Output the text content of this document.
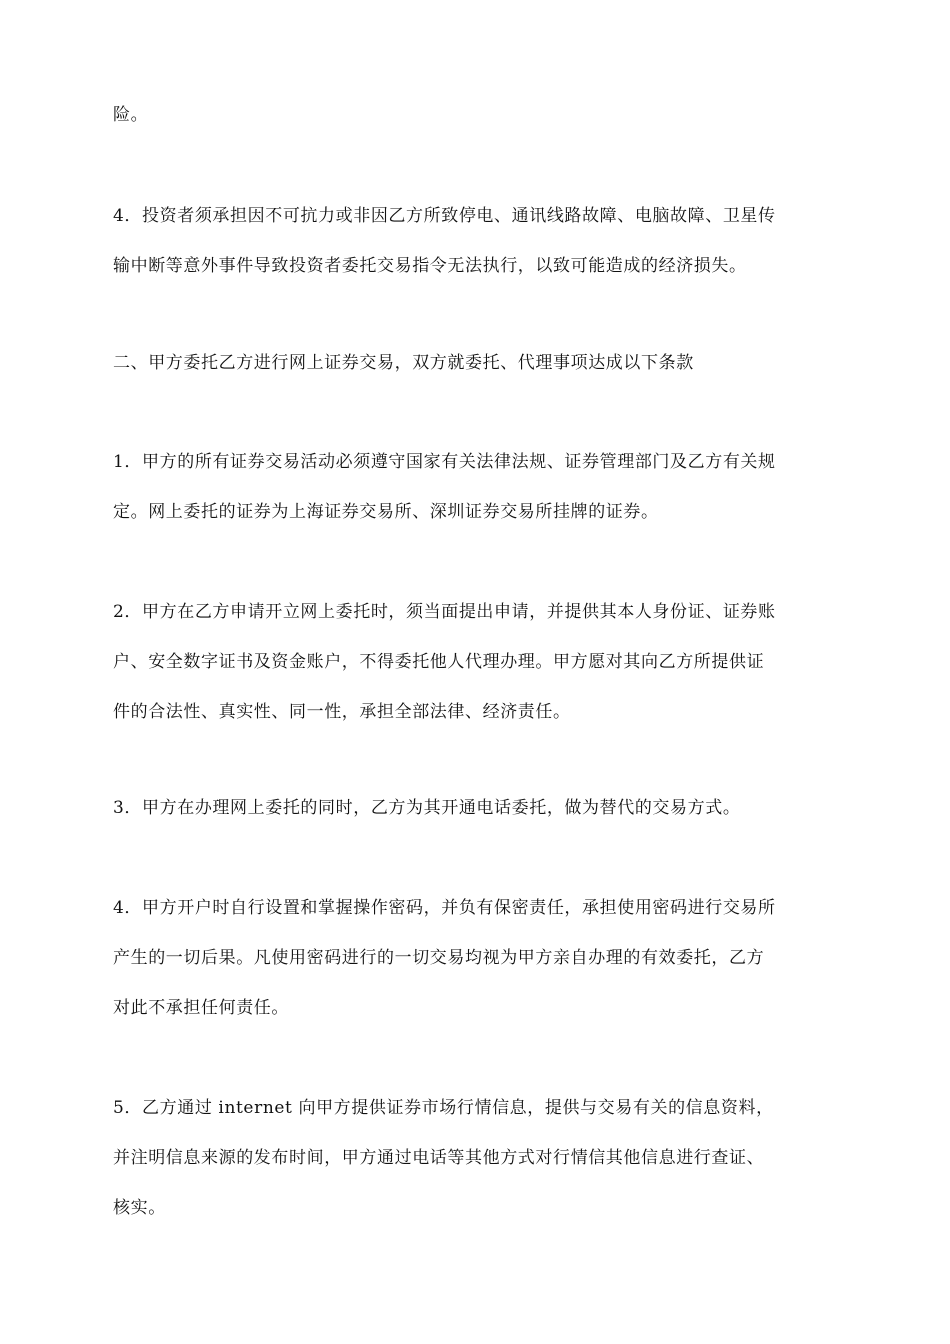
险。

4．投资者须承担因不可抗力或非因乙方所致停电、通讯线路故障、电脑故障、卫星传
输中断等意外事件导致投资者委托交易指令无法执行，以致可能造成的经济损失。

二、甲方委托乙方进行网上证券交易，双方就委托、代理事项达成以下条款

1．甲方的所有证券交易活动必须遵守国家有关法律法规、证券管理部门及乙方有关规
定。网上委托的证券为上海证券交易所、深圳证券交易所挂牌的证券。

2．甲方在乙方申请开立网上委托时，须当面提出申请，并提供其本人身份证、证券账
户、安全数字证书及资金账户，不得委托他人代理办理。甲方愿对其向乙方所提供证
件的合法性、真实性、同一性，承担全部法律、经济责任。

3．甲方在办理网上委托的同时，乙方为其开通电话委托，做为替代的交易方式。

4．甲方开户时自行设置和掌握操作密码，并负有保密责任，承担使用密码进行交易所
产生的一切后果。凡使用密码进行的一切交易均视为甲方亲自办理的有效委托，乙方
对此不承担任何责任。

5．乙方通过 internet 向甲方提供证券市场行情信息，提供与交易有关的信息资料，
并注明信息来源的发布时间，甲方通过电话等其他方式对行情信其他信息进行查证、
核实。
